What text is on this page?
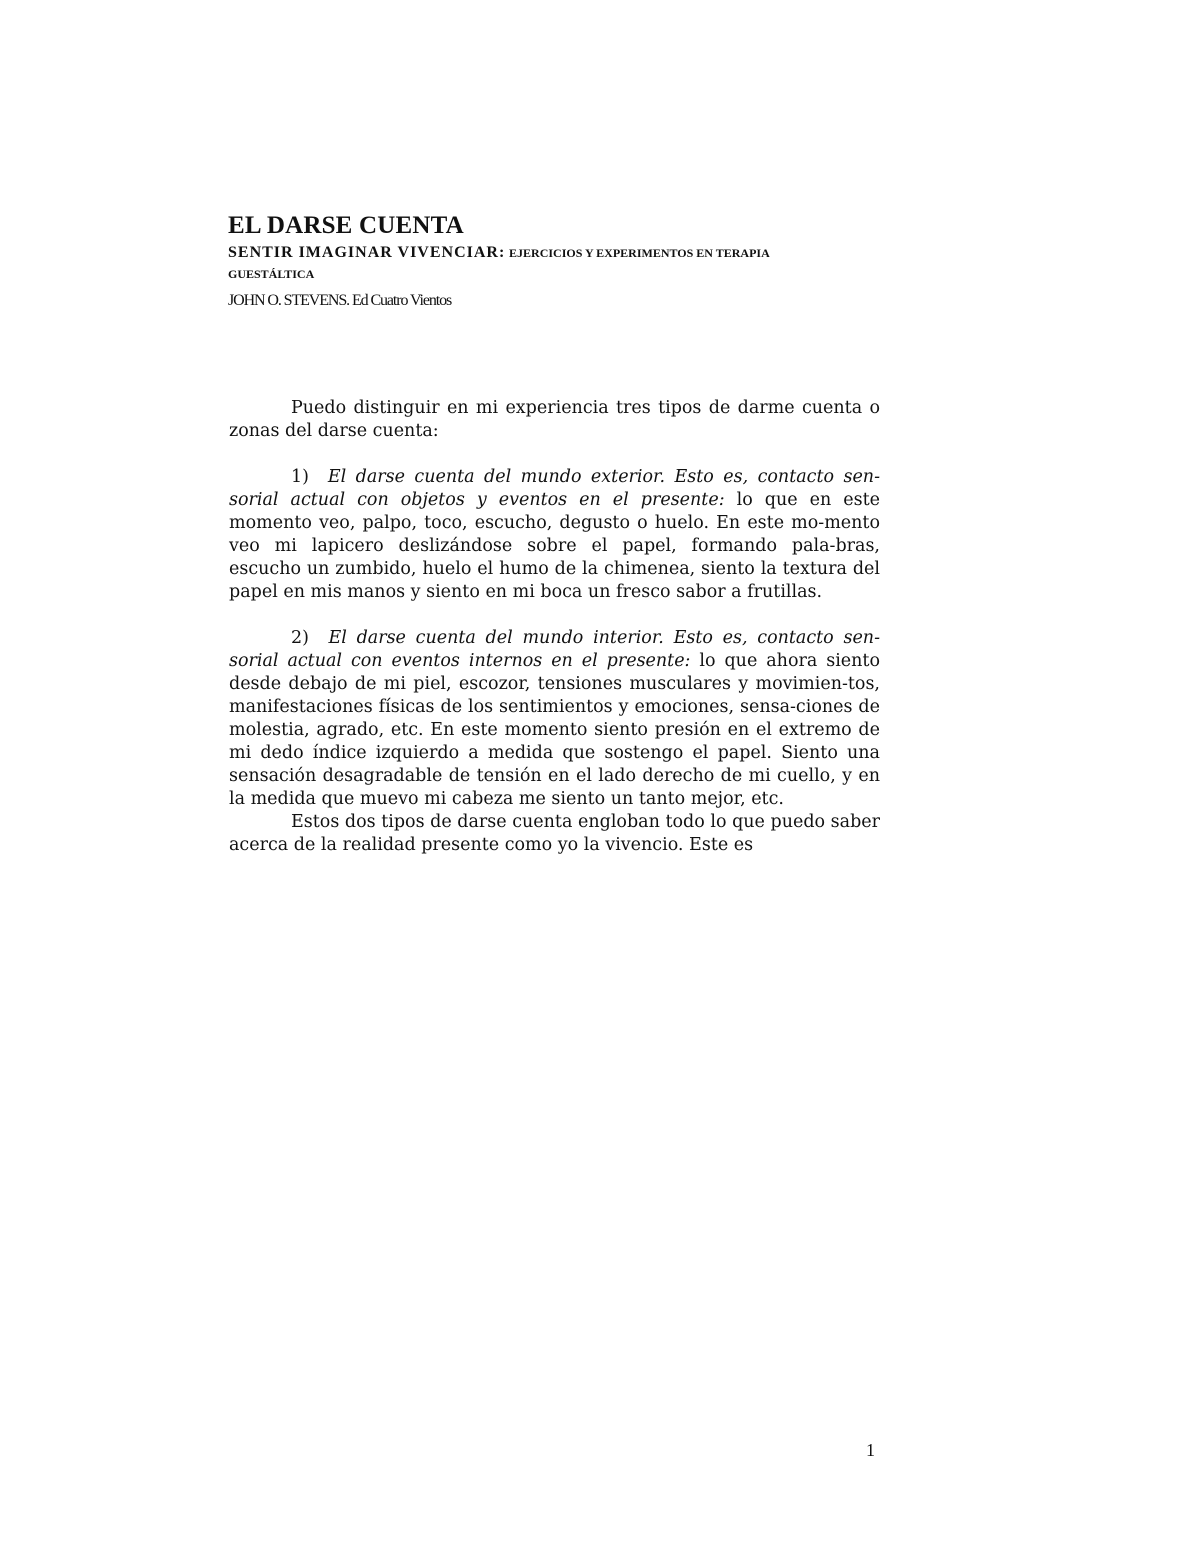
EL DARSE CUENTA
SENTIR IMAGINAR VIVENCIAR: EJERCICIOS Y EXPERIMENTOS EN TERAPIA
GUESTÁLTICA
JOHN O. STEVENS. Ed Cuatro Vientos

Puedo distinguir en mi experiencia tres tipos de darme cuenta o zonas del darse cuenta:

1) El darse cuenta del mundo exterior. Esto es, contacto sen-sorial actual con objetos y eventos en el presente: lo que en este momento veo, palpo, toco, escucho, degusto o huelo. En este mo-mento veo mi lapicero deslizándose sobre el papel, formando pala-bras, escucho un zumbido, huelo el humo de la chimenea, siento la textura del papel en mis manos y siento en mi boca un fresco sabor a frutillas.

2) El darse cuenta del mundo interior. Esto es, contacto sen-sorial actual con eventos internos en el presente: lo que ahora siento desde debajo de mi piel, escozor, tensiones musculares y movimien-tos, manifestaciones físicas de los sentimientos y emociones, sensa-ciones de molestia, agrado, etc. En este momento siento presión en el extremo de mi dedo índice izquierdo a medida que sostengo el papel. Siento una sensación desagradable de tensión en el lado derecho de mi cuello, y en la medida que muevo mi cabeza me siento un tanto mejor, etc.

Estos dos tipos de darse cuenta engloban todo lo que puedo saber acerca de la realidad presente como yo la vivencio. Este es

1
